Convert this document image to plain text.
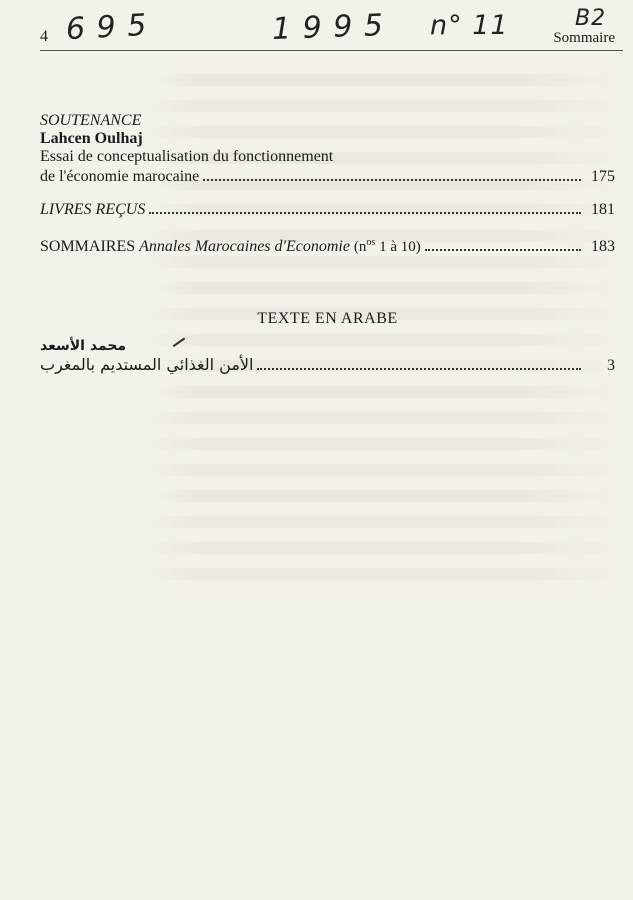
4 6 9 5	1 9 9 5 n° 11	B2
Sommaire
SOUTENANCE
Lahcen Oulhaj
Essai de conceptualisation du fonctionnement
de l'économie marocaine	175
LIVRES REÇUS	181
SOMMAIRES Annales Marocaines d'Economie ($n^{os}$ 1 à 10)	183
TEXTE EN ARABE
محمد الأسعد
الأمن الغذائي المستديم بالمغرب	3
